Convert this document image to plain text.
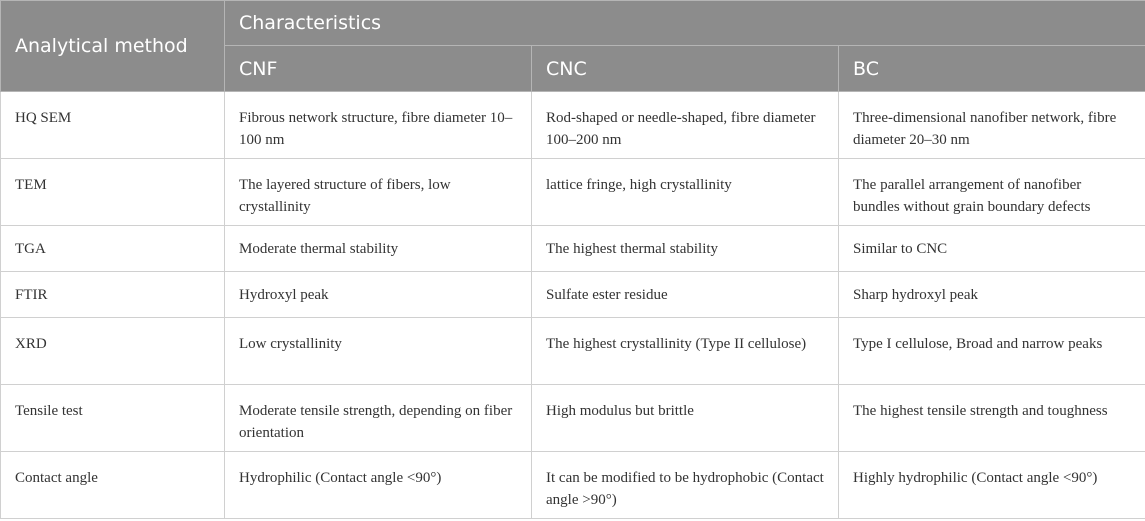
Analytical method	Characteristics		
	CNF	CNC	BC
HQ SEM	Fibrous network structure, fibre diameter 10–100 nm	Rod-shaped or needle-shaped, fibre diameter 100–200 nm	Three-dimensional nanofiber network, fibre diameter 20–30 nm
TEM	The layered structure of fibers, low crystallinity	lattice fringe, high crystallinity	The parallel arrangement of nanofiber bundles without grain boundary defects
TGA	Moderate thermal stability	The highest thermal stability	Similar to CNC
FTIR	Hydroxyl peak	Sulfate ester residue	Sharp hydroxyl peak
XRD	Low crystallinity	The highest crystallinity (Type II cellulose)	Type I cellulose, Broad and narrow peaks
Tensile test	Moderate tensile strength, depending on fiber orientation	High modulus but brittle	The highest tensile strength and toughness
Contact angle	Hydrophilic (Contact angle <90°)	It can be modified to be hydrophobic (Contact angle >90°)	Highly hydrophilic (Contact angle <90°)
